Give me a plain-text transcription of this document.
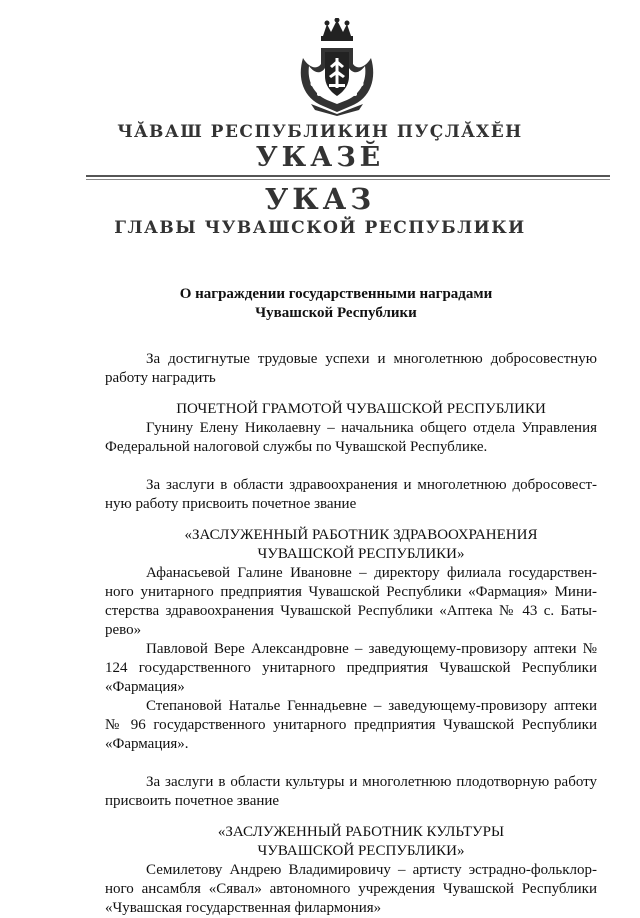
ЧĂВАШ РЕСПУБЛИКИН ПУÇЛĂХĔН
УКАЗĔ
УКАЗ
ГЛАВЫ ЧУВАШСКОЙ РЕСПУБЛИКИ
О награждении государственными наградами
Чувашской Республики

За достигнутые трудовые успехи и многолетнюю добросовестную работу наградить

ПОЧЕТНОЙ ГРАМОТОЙ ЧУВАШСКОЙ РЕСПУБЛИКИ

Гунину Елену Николаевну – начальника общего отдела Управления Федеральной налоговой службы по Чувашской Республике.

За заслуги в области здравоохранения и многолетнюю добросовест-ную работу присвоить почетное звание

«ЗАСЛУЖЕННЫЙ РАБОТНИК ЗДРАВООХРАНЕНИЯ

ЧУВАШСКОЙ РЕСПУБЛИКИ»

Афанасьевой Галине Ивановне – директору филиала государствен-ного унитарного предприятия Чувашской Республики «Фармация» Мини-стерства здравоохранения Чувашской Республики «Аптека № 43 с. Баты-рево»

Павловой Вере Александровне – заведующему-провизору аптеки № 124 государственного унитарного предприятия Чувашской Республики «Фармация»

Степановой Наталье Геннадьевне – заведующему-провизору аптеки № 96 государственного унитарного предприятия Чувашской Республики «Фармация».

За заслуги в области культуры и многолетнюю плодотворную работу присвоить почетное звание

«ЗАСЛУЖЕННЫЙ РАБОТНИК КУЛЬТУРЫ

ЧУВАШСКОЙ РЕСПУБЛИКИ»

Семилетову Андрею Владимировичу – артисту эстрадно-фольклор-ного ансамбля «Сявал» автономного учреждения Чувашской Республики «Чувашская государственная филармония»
